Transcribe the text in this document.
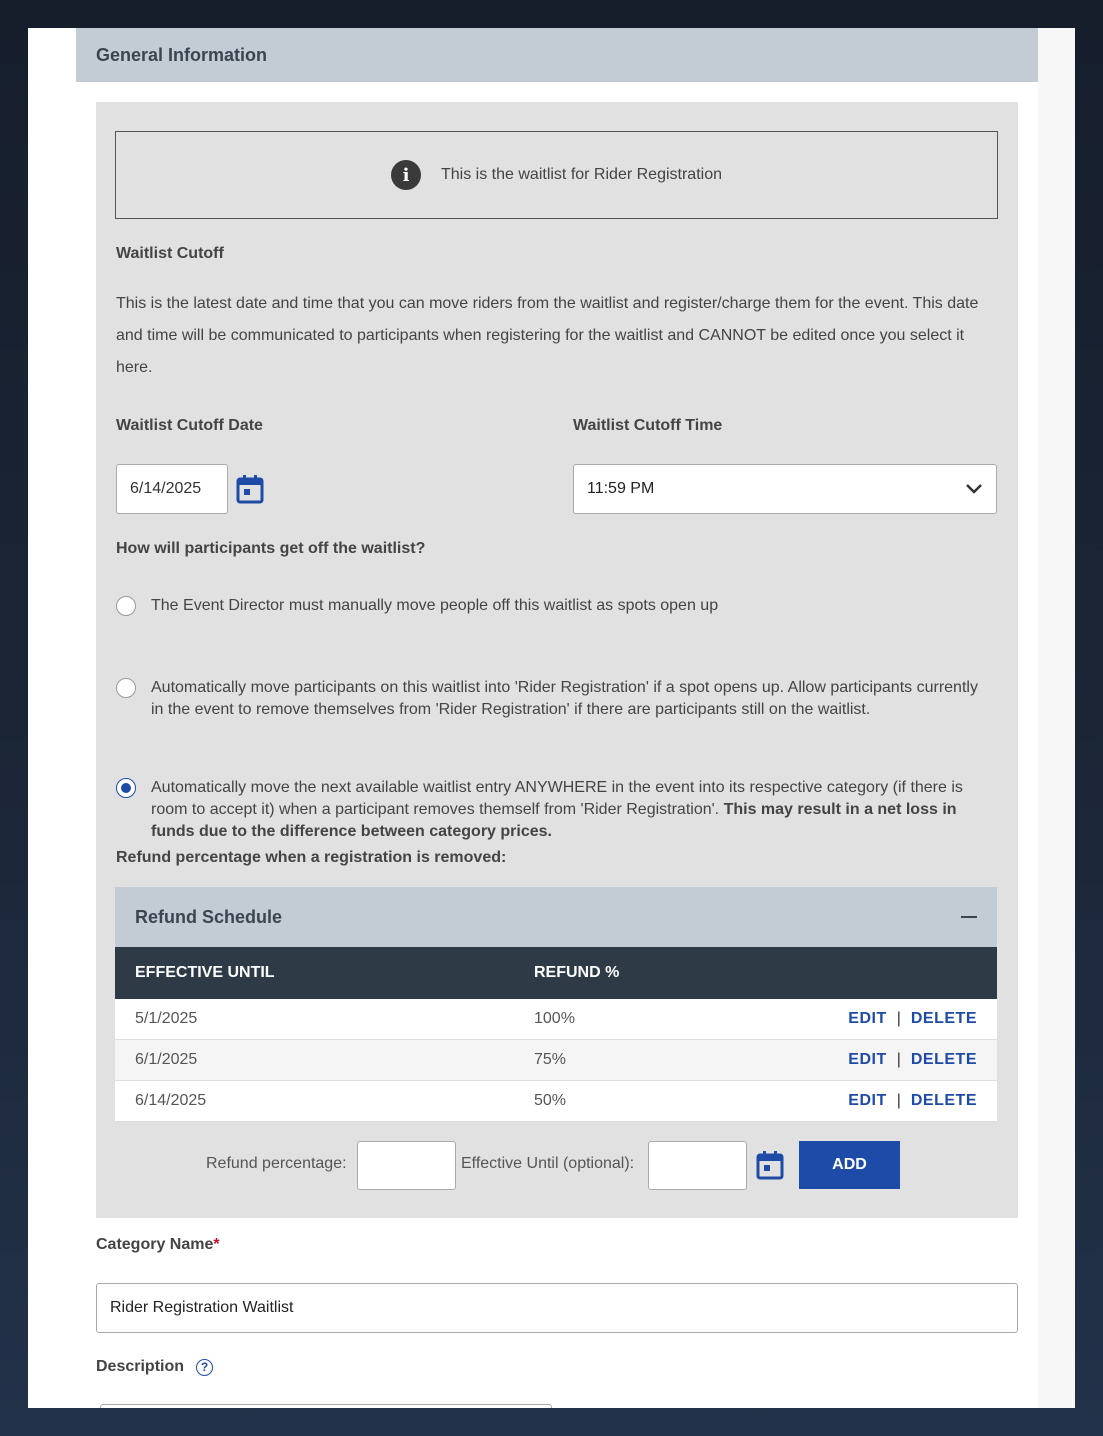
General Information
i	This is the waitlist for Rider Registration
Waitlist Cutoff
This is the latest date and time that you can move riders from the waitlist and register/charge them for the event. This date and time will be communicated to participants when registering for the waitlist and CANNOT be edited once you select it here.
Waitlist Cutoff Date	Waitlist Cutoff Time
6/14/2025	11:59 PM
How will participants get off the waitlist?
The Event Director must manually move people off this waitlist as spots open up
Automatically move participants on this waitlist into 'Rider Registration' if a spot opens up. Allow participants currently in the event to remove themselves from 'Rider Registration' if there are participants still on the waitlist.
Automatically move the next available waitlist entry ANYWHERE in the event into its respective category (if there is room to accept it) when a participant removes themself from 'Rider Registration'. This may result in a net loss in funds due to the difference between category prices.
Refund percentage when a registration is removed:
Refund Schedule
EFFECTIVE UNTIL	REFUND %
5/1/2025	100%	EDIT | DELETE
6/1/2025	75%	EDIT | DELETE
6/14/2025	50%	EDIT | DELETE
Refund percentage:	Effective Until (optional):	ADD
Category Name*
Rider Registration Waitlist
Description	?
